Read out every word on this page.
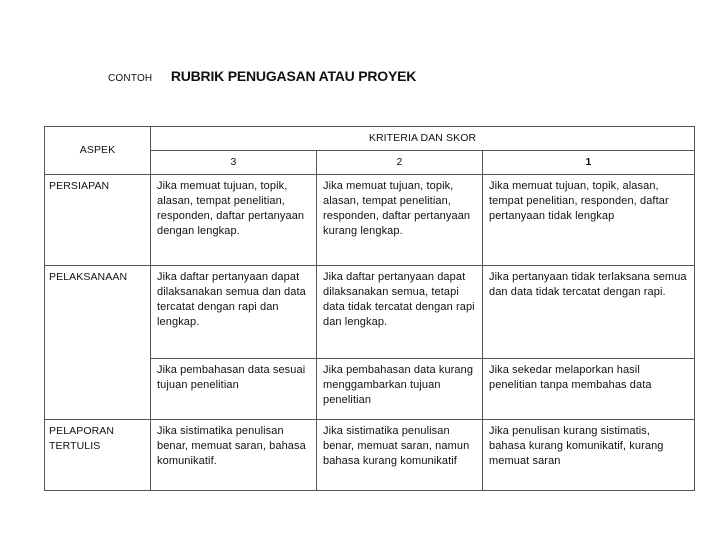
CONTOH RUBRIK PENUGASAN ATAU PROYEK
ASPEK	KRITERIA DAN SKOR		
	3	2	1
PERSIAPAN	Jika memuat tujuan, topik, alasan, tempat penelitian, responden, daftar pertanyaan dengan lengkap.	Jika memuat tujuan, topik, alasan, tempat penelitian, responden, daftar pertanyaan kurang lengkap.	Jika memuat tujuan, topik, alasan, tempat penelitian, responden, daftar pertanyaan tidak lengkap
PELAKSANAAN	Jika daftar pertanyaan dapat dilaksanakan semua dan data tercatat dengan rapi dan lengkap.	Jika daftar pertanyaan dapat dilaksanakan semua, tetapi data tidak tercatat dengan rapi dan lengkap.	Jika pertanyaan tidak terlaksana semua dan data tidak tercatat dengan rapi.
	Jika pembahasan data sesuai tujuan penelitian	Jika pembahasan data kurang menggambarkan tujuan penelitian	Jika sekedar melaporkan hasil penelitian tanpa membahas data
PELAPORAN TERTULIS	Jika sistimatika penulisan benar, memuat saran, bahasa komunikatif.	Jika sistimatika penulisan benar, memuat saran, namun bahasa kurang komunikatif	Jika penulisan kurang sistimatis, bahasa kurang komunikatif, kurang memuat saran
